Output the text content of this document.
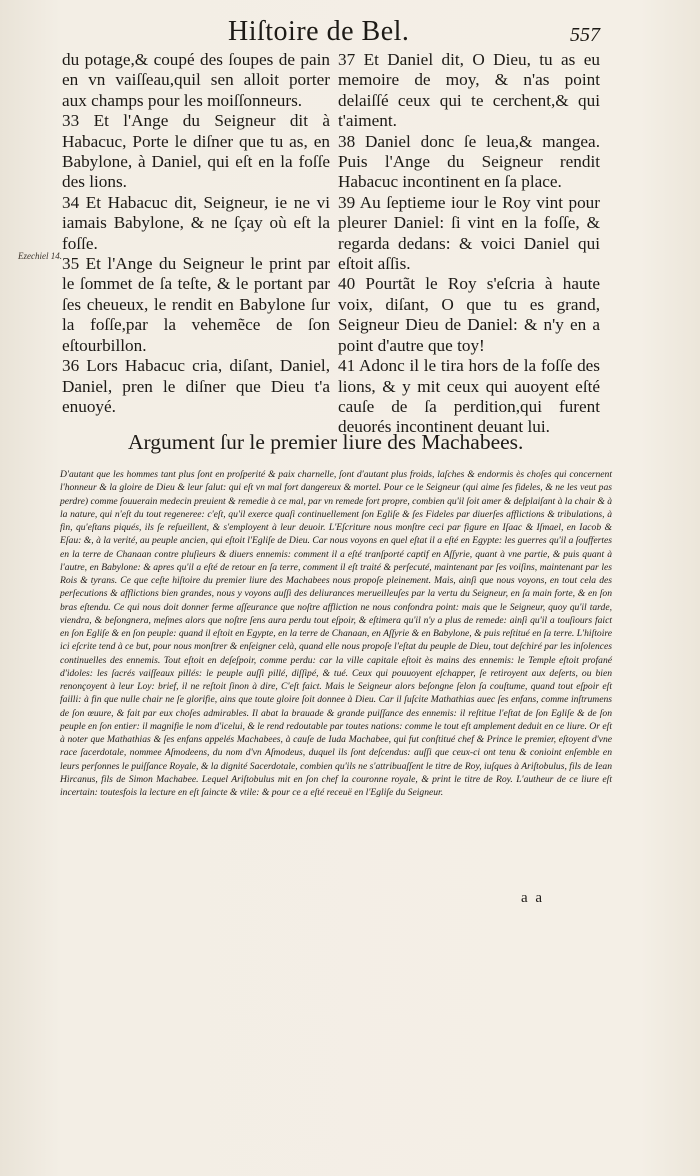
Hiſtoire de Bel.	557
Ezechiel 14.

du potage,& coupé des ſoupes de pain en vn vaiſſeau,quil sen alloit porter aux champs pour les moiſſonneurs.

33 Et l'Ange du Seigneur dit à Habacuc, Porte le diſner que tu as, en Babylone, à Daniel, qui eſt en la foſſe des lions.

34 Et Habacuc dit, Seigneur, ie ne vi iamais Babylone, & ne ſçay où eſt la foſſe.

35 Et l'Ange du Seigneur le print par le ſommet de ſa teſte, & le portant par ſes cheueux, le rendit en Babylone ſur la foſſe,par la vehemẽce de ſon eſtourbillon.

36 Lors Habacuc cria, diſant, Daniel, Daniel, pren le diſner que Dieu t'a enuoyé.

37 Et Daniel dit, O Dieu, tu as eu memoire de moy, & n'as point delaiſſé ceux qui te cerchent,& qui t'aiment.

38 Daniel donc ſe leua,& mangea. Puis l'Ange du Seigneur rendit Habacuc incontinent en ſa place.

39 Au ſeptieme iour le Roy vint pour pleurer Daniel: ſi vint en la foſſe, & regarda dedans: & voici Daniel qui eſtoit aſſis.

40 Pourtãt le Roy s'eſcria à haute voix, diſant, O que tu es grand, Seigneur Dieu de Daniel: & n'y en a point d'autre que toy!

41 Adonc il le tira hors de la foſſe des lions, & y mit ceux qui auoyent eſté cauſe de ſa perdition,qui furent deuorés incontinent deuant lui.

Argument ſur le premier liure des Machabees.
D'autant que les hommes tant plus ſont en proſperité & paix charnelle, ſont d'autant plus froids, laſches & endormis ès choſes qui concernent l'honneur & la gloire de Dieu & leur ſalut: qui eſt vn mal fort dangereux & mortel. Pour ce le Seigneur (qui aime ſes fideles, & ne les veut pas perdre) comme ſouuerain medecin preuient & remedie à ce mal, par vn remede fort propre, combien qu'il ſoit amer & deſplaiſant à la chair & à la nature, qui n'eſt du tout regeneree: c'eſt, qu'il exerce quaſi continuellement ſon Egliſe & ſes Fideles par diuerſes afflictions & tribulations, à fin, qu'eſtans piqués, ils ſe reſueillent, & s'employent à leur deuoir. L'Eſcriture nous monſtre ceci par figure en Iſaac & Iſmael, en Iacob & Eſau: &, à la verité, au peuple ancien, qui eſtoit l'Egliſe de Dieu. Car nous voyons en quel eſtat il a eſté en Egypte: les guerres qu'il a ſouffertes en la terre de Chanaan contre pluſieurs & diuers ennemis: comment il a eſté tranſporté captif en Aſſyrie, quant à vne partie, & puis quant à l'autre, en Babylone: & apres qu'il a eſté de retour en ſa terre, comment il eſt traité & perſecuté, maintenant par ſes voiſins, maintenant par les Rois & tyrans. Ce que ceſte hiſtoire du premier liure des Machabees nous propoſe pleinement. Mais, ainſi que nous voyons, en tout cela des perſecutions & afflictions bien grandes, nous y voyons auſſi des deliurances merueilleuſes par la vertu du Seigneur, en ſa main forte, & en ſon bras eſtendu. Ce qui nous doit donner ferme aſſeurance que noſtre affliction ne nous confondra point: mais que le Seigneur, quoy qu'il tarde, viendra, & beſongnera, meſmes alors que noſtre ſens aura perdu tout eſpoir, & eſtimera qu'il n'y a plus de remede: ainſi qu'il a touſiours faict en ſon Egliſe & en ſon peuple: quand il eſtoit en Egypte, en la terre de Chanaan, en Aſſyrie & en Babylone, & puis reſtitué en ſa terre. L'hiſtoire ici eſcrite tend à ce but, pour nous monſtrer & enſeigner celà, quand elle nous propoſe l'eſtat du peuple de Dieu, tout deſchiré par les inſolences continuelles des ennemis. Tout eſtoit en deſeſpoir, comme perdu: car la ville capitale eſtoit ès mains des ennemis: le Temple eſtoit profané d'idoles: les ſacrés vaiſſeaux pillés: le peuple auſſi pillé, diſſipé, & tué. Ceux qui pouuoyent eſchapper, ſe retiroyent aux deſerts, ou bien renonçoyent à leur Loy: brief, il ne reſtoit ſinon à dire, C'eſt faict. Mais le Seigneur alors beſongne ſelon ſa couſtume, quand tout eſpoir eſt failli: à fin que nulle chair ne ſe glorifie, ains que toute gloire ſoit donnee à Dieu. Car il ſuſcite Mathathias auec ſes enfans, comme inſtrumens de ſon œuure, & fait par eux choſes admirables. Il abat la brauade & grande puiſſance des ennemis: il reſtitue l'eſtat de ſon Egliſe & de ſon peuple en ſon entier: il magnifie le nom d'icelui, & le rend redoutable par toutes nations: comme le tout eſt amplement deduit en ce liure. Or eſt à noter que Mathathias & ſes enfans appelés Machabees, à cauſe de Iuda Machabee, qui fut conſtitué chef & Prince le premier, eſtoyent d'vne race ſacerdotale, nommee Aſmodeens, du nom d'vn Aſmodeus, duquel ils ſont deſcendus: auſſi que ceux-ci ont tenu & conioint enſemble en leurs perſonnes le puiſſance Royale, & la dignité Sacerdotale, combien qu'ils ne s'attribuaſſent le titre de Roy, iuſques à Ariſtobulus, fils de Iean Hircanus, fils de Simon Machabee. Lequel Ariſtobulus mit en ſon chef la couronne royale, & print le titre de Roy. L'autheur de ce liure eſt incertain: toutesfois la lecture en eſt ſaincte & vtile: & pour ce a eſté receuë en l'Egliſe du Seigneur.
a a
